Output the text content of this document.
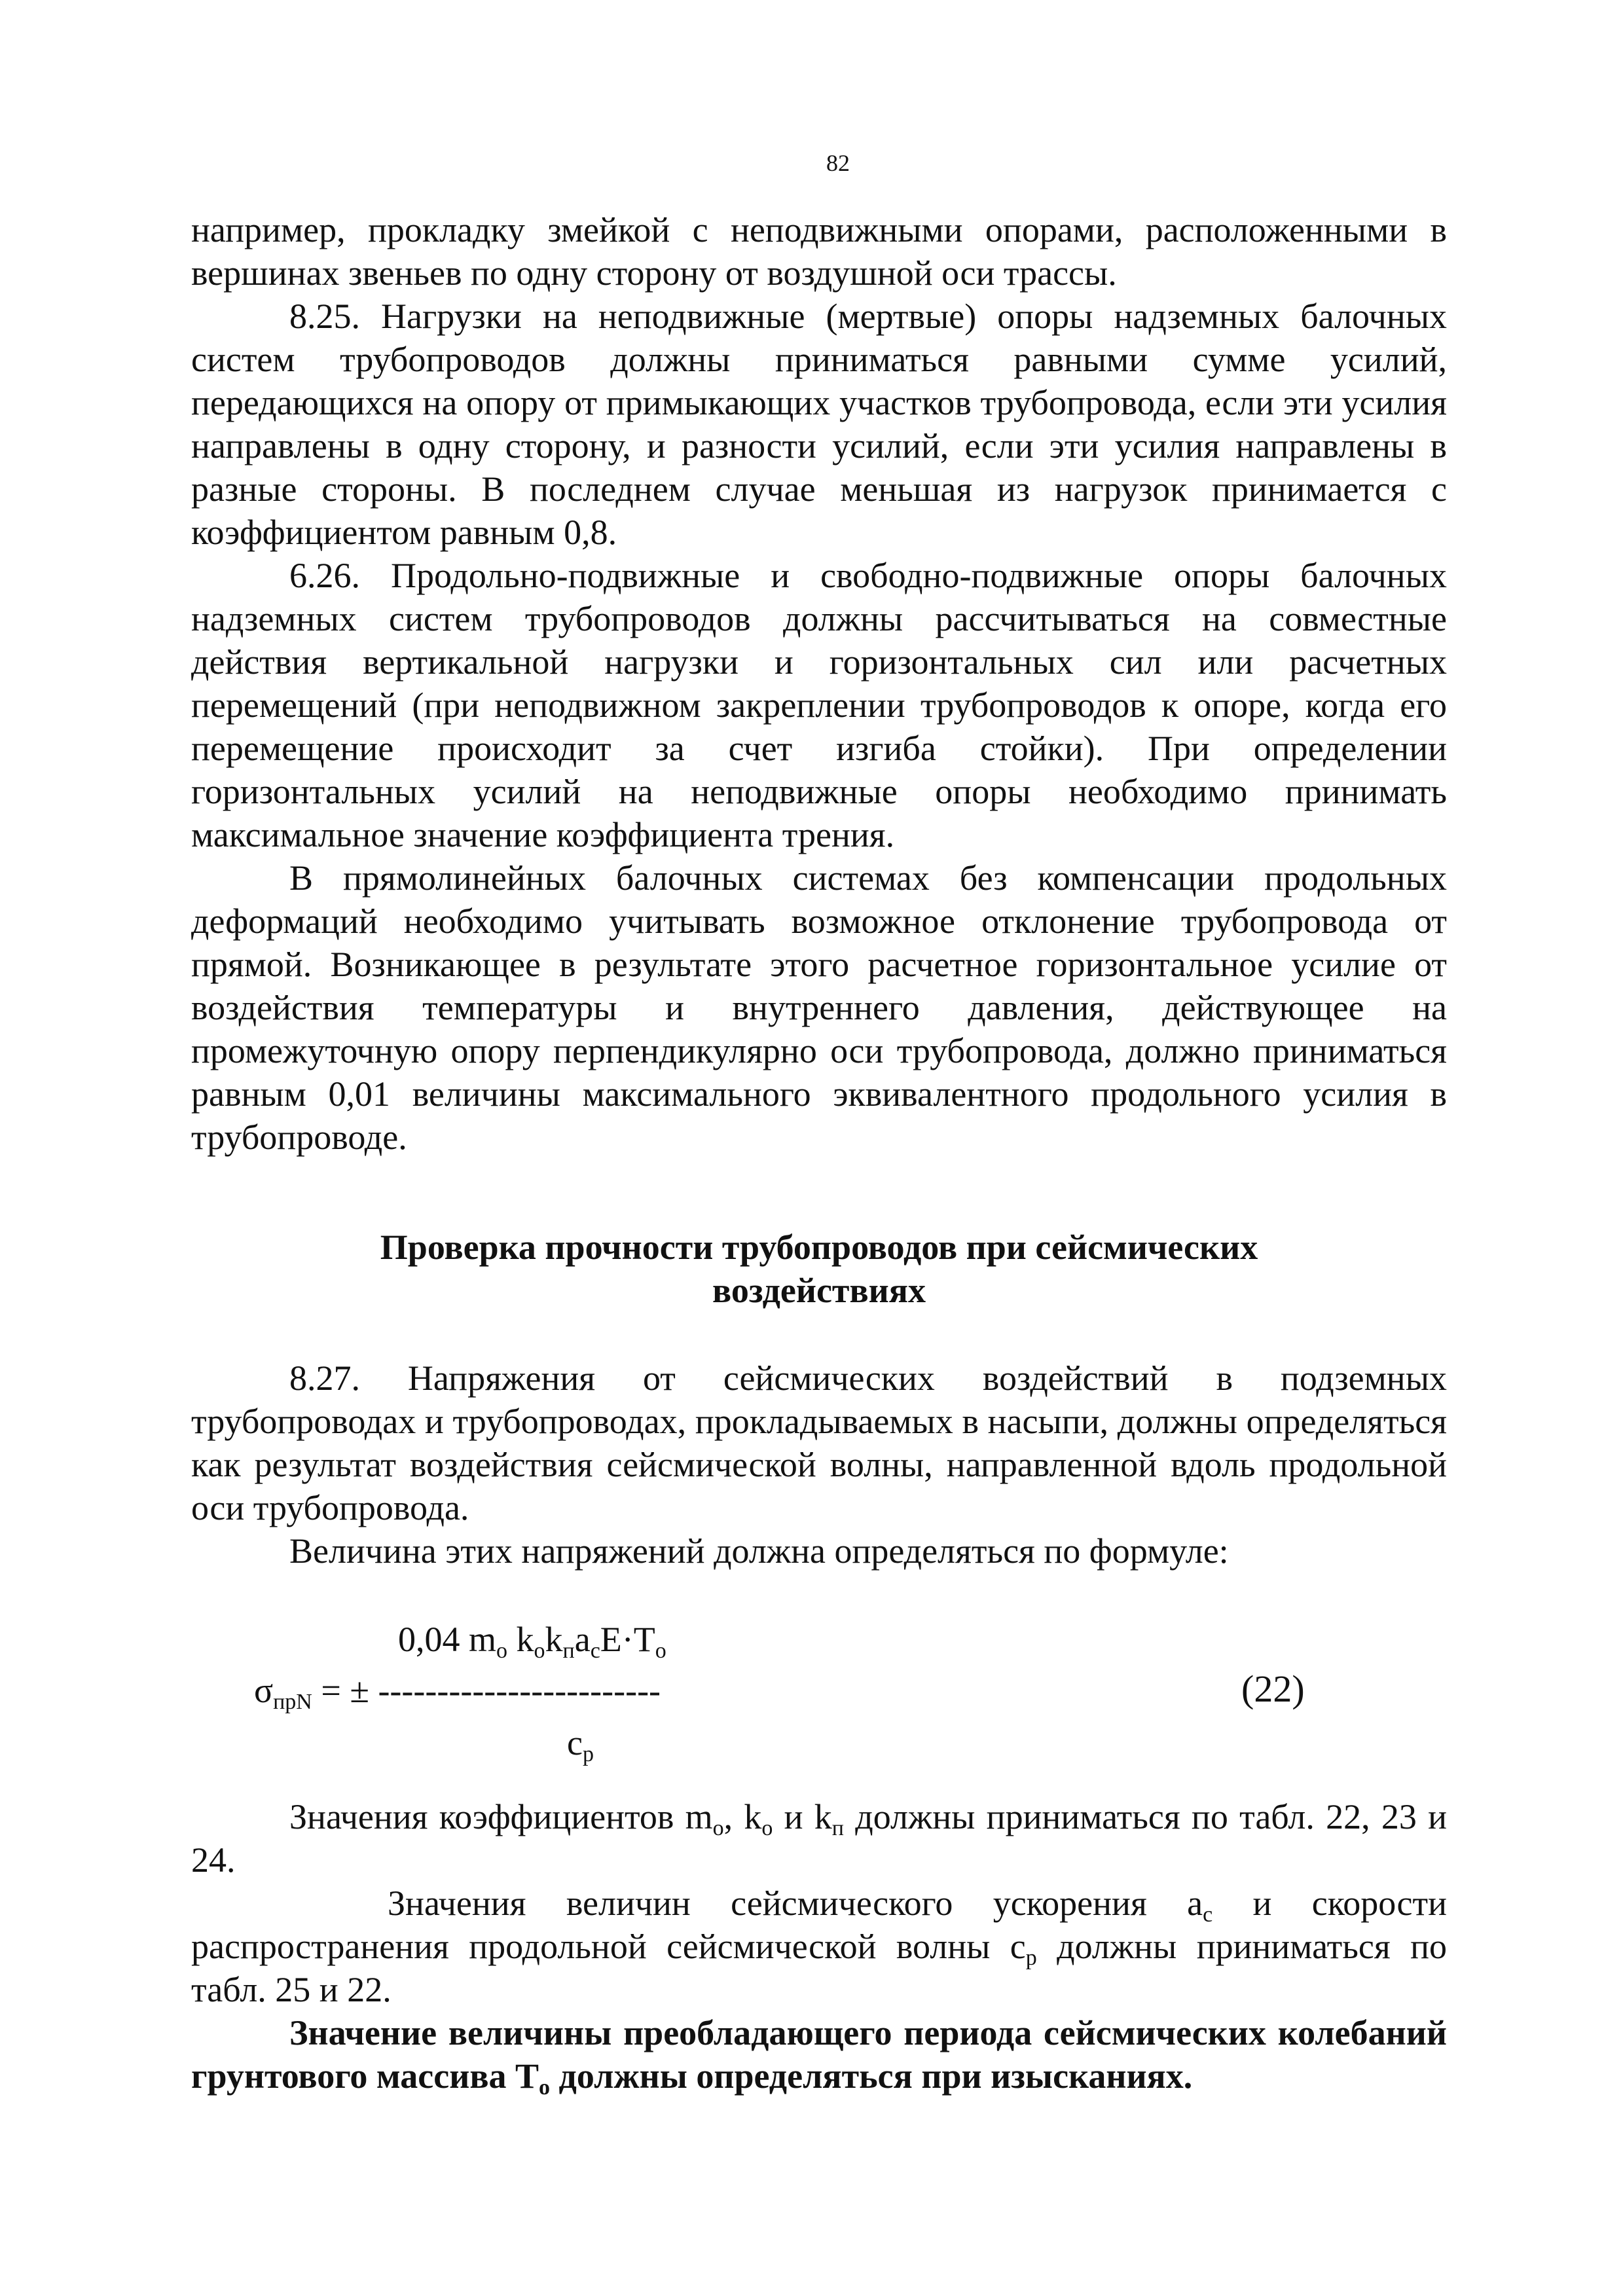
82

например, прокладку змейкой с неподвижными опорами, расположенными в вершинах звеньев по одну сторону от воздушной оси трассы.

8.25. Нагрузки на неподвижные (мертвые) опоры надземных балочных систем трубопроводов должны приниматься равными сумме усилий, передающихся на опору от примыкающих участков трубопровода, если эти усилия направлены в одну сторону, и разности усилий, если эти усилия направлены в разные стороны. В последнем случае меньшая из нагрузок принимается с коэффициентом равным 0,8.

6.26. Продольно-подвижные и свободно-подвижные опоры балочных надземных систем трубопроводов должны рассчитываться на совместные действия вертикальной нагрузки и горизонтальных сил или расчетных перемещений (при неподвижном закреплении трубопроводов к опоре, когда его перемещение происходит за счет изгиба стойки). При определении горизонтальных усилий на неподвижные опоры необходимо принимать максимальное значение коэффициента трения.

В прямолинейных балочных системах без компенсации продольных деформаций необходимо учитывать возможное отклонение трубопровода от прямой. Возникающее в результате этого расчетное горизонтальное усилие от воздействия температуры и внутреннего давления, действующее на промежуточную опору перпендикулярно оси трубопровода, должно приниматься равным 0,01 величины максимального эквивалентного продольного усилия в трубопроводе.

Проверка прочности трубопроводов при сейсмических
воздействиях

8.27. Напряжения от сейсмических воздействий в подземных трубопроводах и трубопроводах, прокладываемых в насыпи, должны определяться как результат воздействия сейсмической волны, направленной вдоль продольной оси трубопровода.

Величина этих напряжений должна определяться по формуле:

0,04 $m_o$ $k_ok_пa_cE\cdot T_o$
$\sigma_{прN}$ = ± ------------------------	(22)
$c_p$

Значения коэффициентов $m_o$, $k_o$ и $k_п$ должны приниматься по табл. 22, 23 и 24.

Значения величин сейсмического ускорения $a_c$ и скорости распространения продольной сейсмической волны $c_p$ должны приниматься по табл. 25 и 22.

Значение величины преобладающего периода сейсмических колебаний грунтового массива $T_o$ должны определяться при изысканиях.
